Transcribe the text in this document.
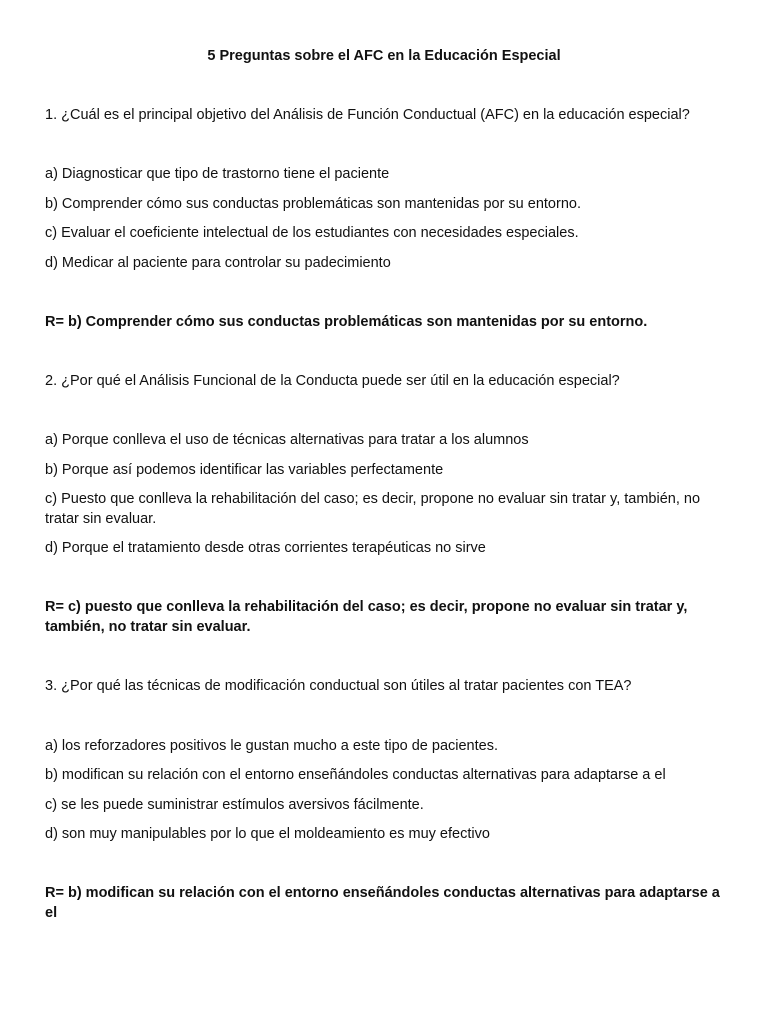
5 Preguntas sobre el AFC en la Educación Especial
1. ¿Cuál es el principal objetivo del Análisis de Función Conductual (AFC) en la educación especial?
a) Diagnosticar que tipo de trastorno tiene el paciente
b) Comprender cómo sus conductas problemáticas son mantenidas por su entorno.
c) Evaluar el coeficiente intelectual de los estudiantes con necesidades especiales.
d) Medicar al paciente para controlar su padecimiento
R= b) Comprender cómo sus conductas problemáticas son mantenidas por su entorno.
2. ¿Por qué el Análisis Funcional de la Conducta puede ser útil en la educación especial?
a) Porque conlleva el uso de técnicas alternativas para tratar a los alumnos
b) Porque así podemos identificar las variables perfectamente
c) Puesto que conlleva la rehabilitación del caso; es decir, propone no evaluar sin tratar y, también, no tratar sin evaluar.
d) Porque el tratamiento desde otras corrientes terapéuticas no sirve
R= c) puesto que conlleva la rehabilitación del caso; es decir, propone no evaluar sin tratar y, también, no tratar sin evaluar.
3. ¿Por qué las técnicas de modificación conductual son útiles al tratar pacientes con TEA?
a) los reforzadores positivos le gustan mucho a este tipo de pacientes.
b) modifican su relación con el entorno enseñándoles conductas alternativas para adaptarse a el
c) se les puede suministrar estímulos aversivos fácilmente.
d) son muy manipulables por lo que el moldeamiento es muy efectivo
R= b) modifican su relación con el entorno enseñándoles conductas alternativas para adaptarse a el
